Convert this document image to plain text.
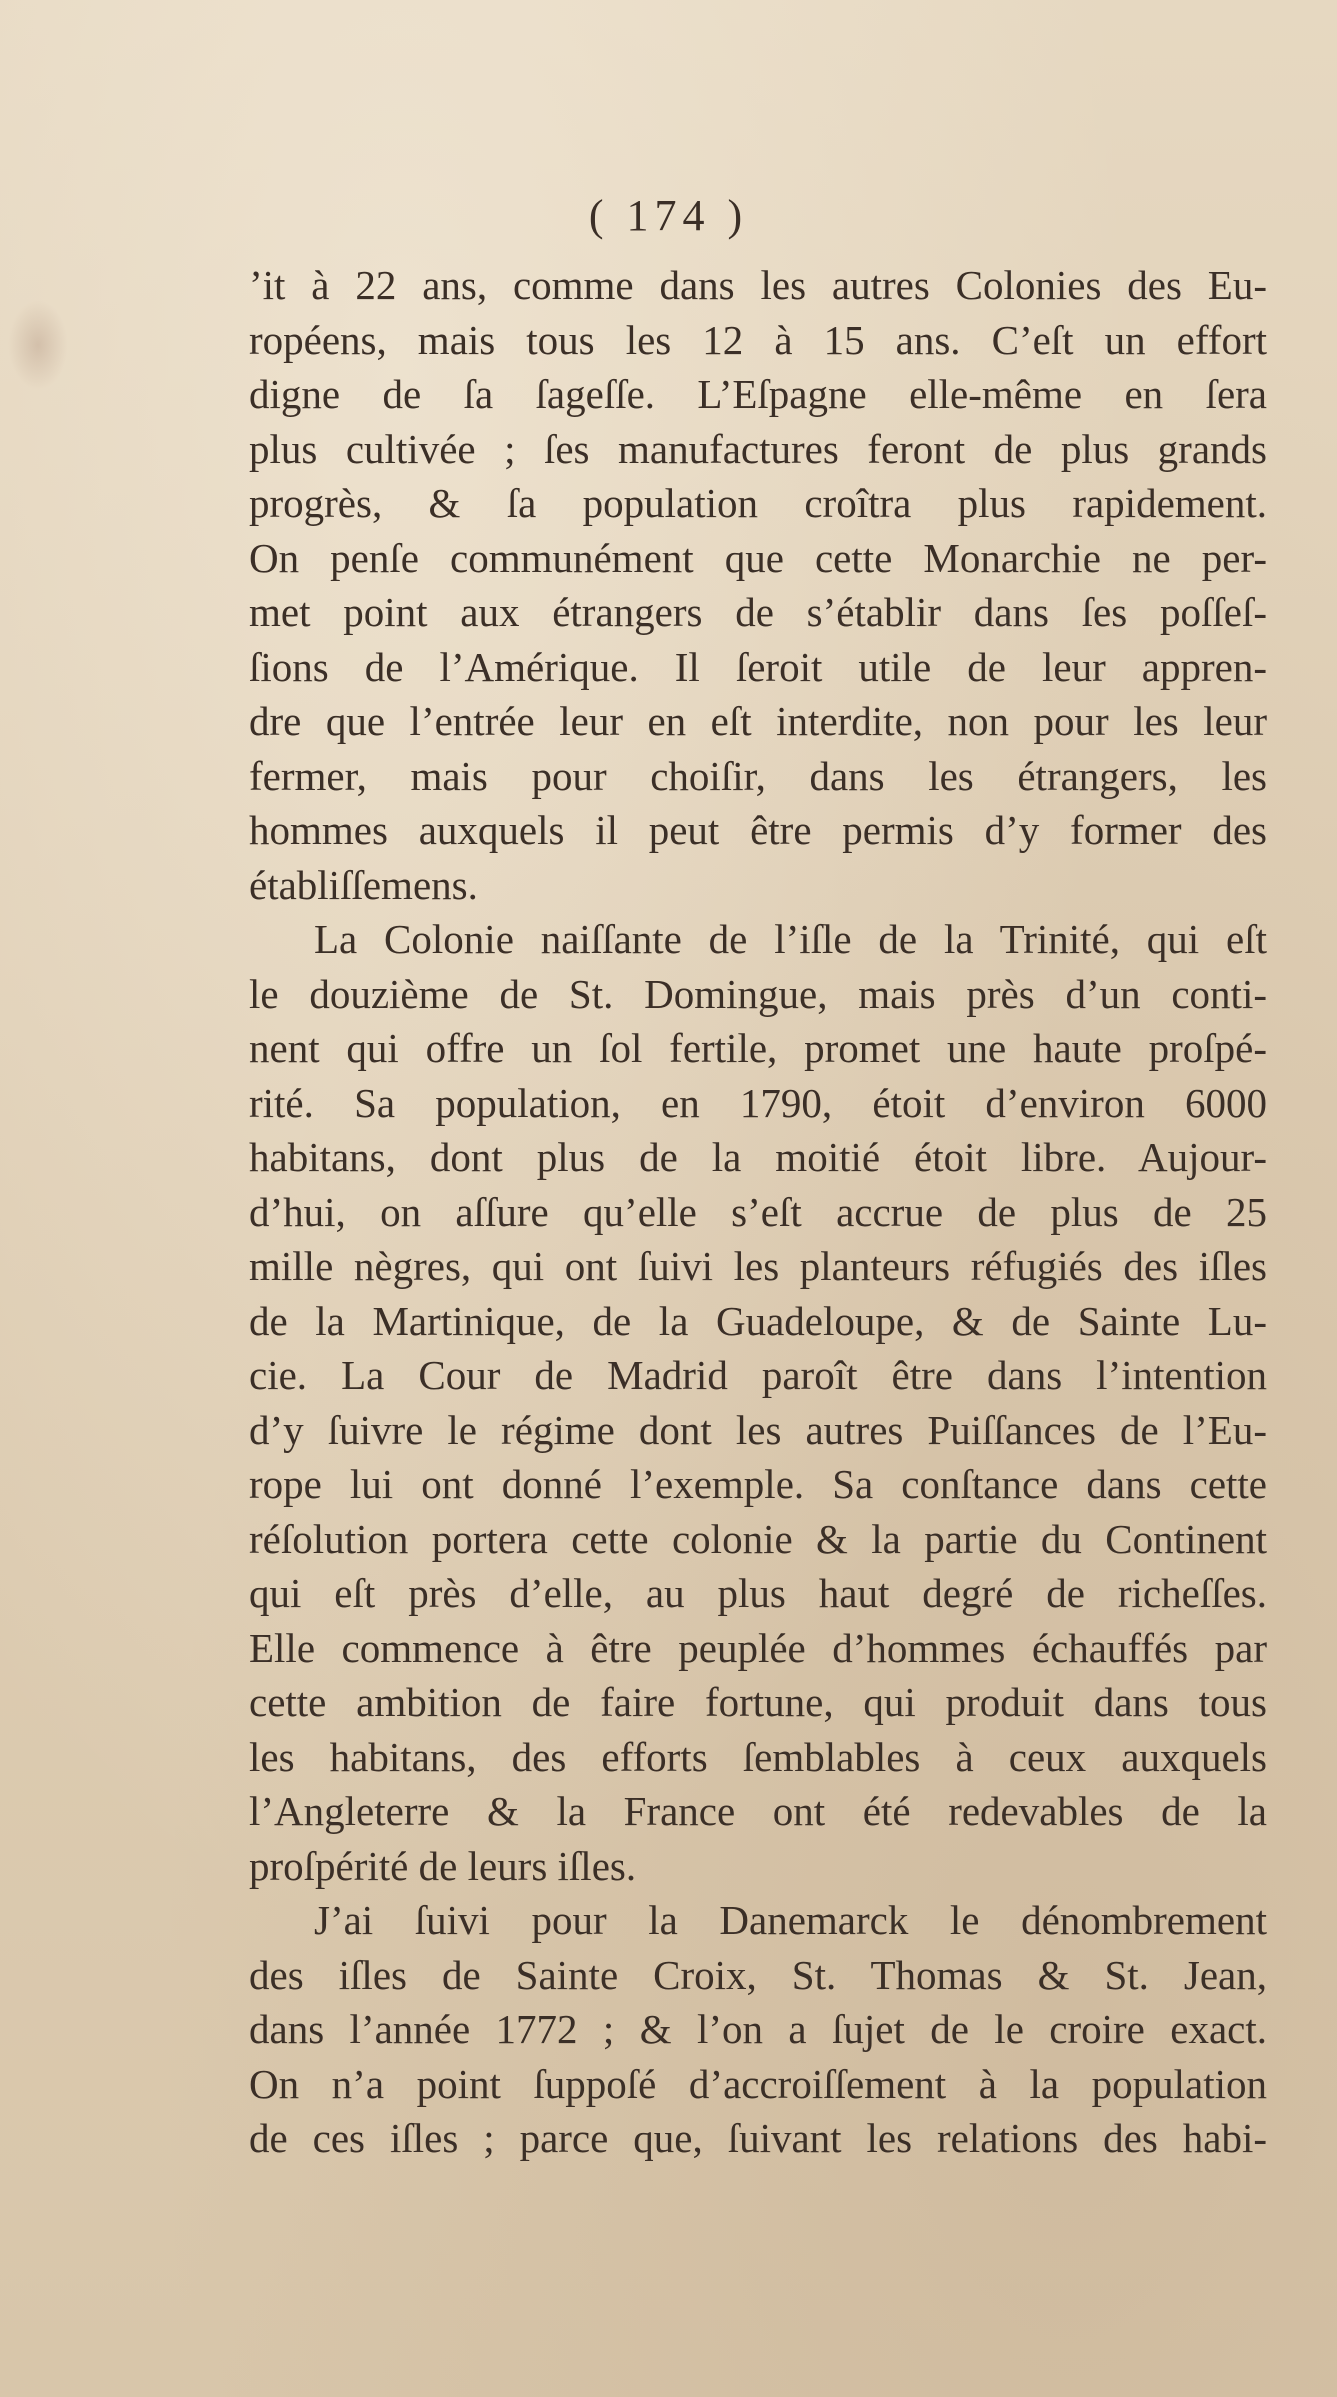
( 174 )
ʼit à 22 ans, comme dans les autres Colonies des Eu-
ropéens, mais tous les 12 à 15 ans. C’eſt un effort
digne de ſa ſageſſe. L’Eſpagne elle-même en ſera
plus cultivée ; ſes manufactures feront de plus grands
progrès, & ſa population croîtra plus rapidement.
On penſe communément que cette Monarchie ne per-
met point aux étrangers de s’établir dans ſes poſſeſ-
ſions de l’Amérique. Il ſeroit utile de leur appren-
dre que l’entrée leur en eſt interdite, non pour les leur
fermer, mais pour choiſir, dans les étrangers, les
hommes auxquels il peut être permis d’y former des
établiſſemens.
La Colonie naiſſante de l’iſle de la Trinité, qui eſt
le douzième de St. Domingue, mais près d’un conti-
nent qui offre un ſol fertile, promet une haute proſpé-
rité. Sa population, en 1790, étoit d’environ 6000
habitans, dont plus de la moitié étoit libre. Aujour-
d’hui, on aſſure qu’elle s’eſt accrue de plus de 25
mille nègres, qui ont ſuivi les planteurs réfugiés des iſles
de la Martinique, de la Guadeloupe, & de Sainte Lu-
cie. La Cour de Madrid paroît être dans l’intention
d’y ſuivre le régime dont les autres Puiſſances de l’Eu-
rope lui ont donné l’exemple. Sa conſtance dans cette
réſolution portera cette colonie & la partie du Continent
qui eſt près d’elle, au plus haut degré de richeſſes.
Elle commence à être peuplée d’hommes échauffés par
cette ambition de faire fortune, qui produit dans tous
les habitans, des efforts ſemblables à ceux auxquels
l’Angleterre & la France ont été redevables de la
proſpérité de leurs iſles.
J’ai ſuivi pour la Danemarck le dénombrement
des iſles de Sainte Croix, St. Thomas & St. Jean,
dans l’année 1772 ; & l’on a ſujet de le croire exact.
On n’a point ſuppoſé d’accroiſſement à la population
de ces iſles ; parce que, ſuivant les relations des habi-
